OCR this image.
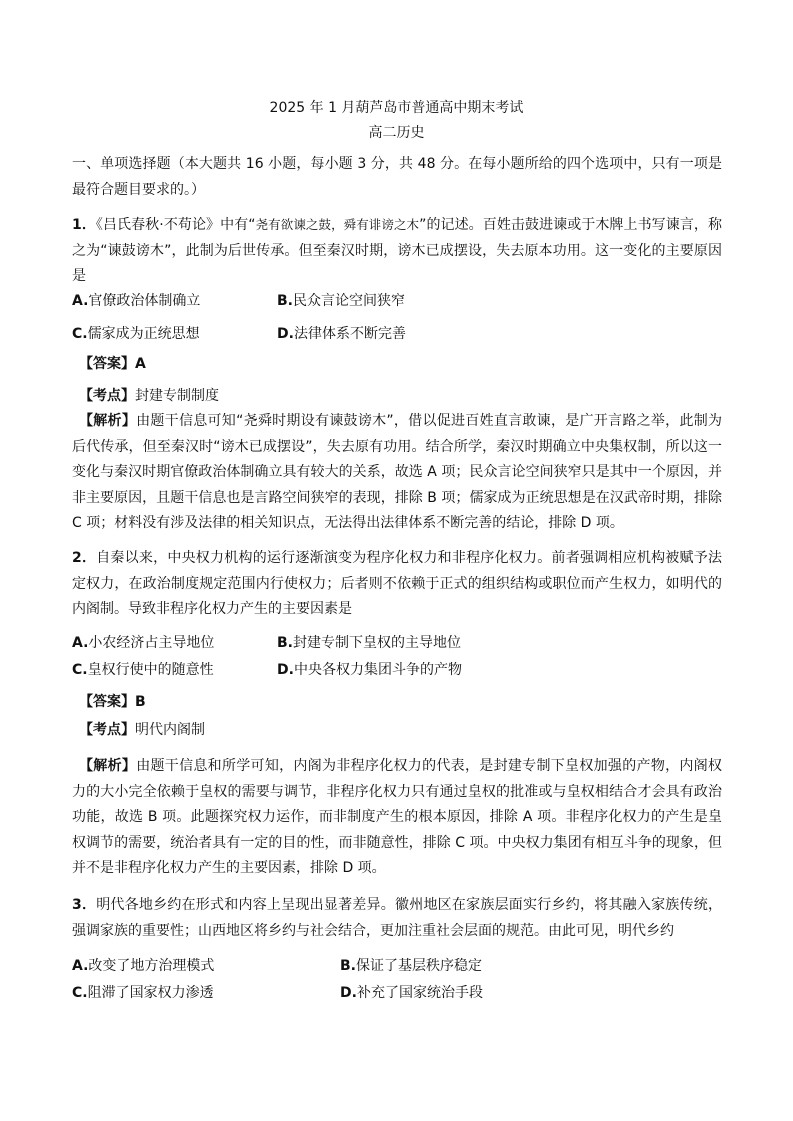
2025 年 1 月葫芦岛市普通高中期末考试
高二历史
一、单项选择题（本大题共 16 小题，每小题 3 分，共 48 分。在每小题所给的四个选项中，只有一项是最符合题目要求的。）
1．《吕氏春秋·不苟论》中有“尧有欲谏之鼓，舜有诽谤之木”的记述。百姓击鼓进谏或于木牌上书写谏言，称之为“谏鼓谤木”，此制为后世传承。但至秦汉时期，谤木已成摆设，失去原本功用。这一变化的主要原因是
A.官僚政治体制确立	B.民众言论空间狭窄
C.儒家成为正统思想	D.法律体系不断完善
【答案】A
【考点】封建专制制度
【解析】由题干信息可知“尧舜时期设有谏鼓谤木”，借以促进百姓直言敢谏，是广开言路之举，此制为后代传承，但至秦汉时“谤木已成摆设”，失去原有功用。结合所学，秦汉时期确立中央集权制，所以这一变化与秦汉时期官僚政治体制确立具有较大的关系，故选 A 项；民众言论空间狭窄只是其中一个原因，并非主要原因，且题干信息也是言路空间狭窄的表现，排除 B 项；儒家成为正统思想是在汉武帝时期，排除 C 项；材料没有涉及法律的相关知识点，无法得出法律体系不断完善的结论，排除 D 项。
2．自秦以来，中央权力机构的运行逐渐演变为程序化权力和非程序化权力。前者强调相应机构被赋予法定权力，在政治制度规定范围内行使权力；后者则不依赖于正式的组织结构或职位而产生权力，如明代的内阁制。导致非程序化权力产生的主要因素是
A.小农经济占主导地位	B.封建专制下皇权的主导地位
C.皇权行使中的随意性	D.中央各权力集团斗争的产物
【答案】B
【考点】明代内阁制
【解析】由题干信息和所学可知，内阁为非程序化权力的代表，是封建专制下皇权加强的产物，内阁权力的大小完全依赖于皇权的需要与调节，非程序化权力只有通过皇权的批准或与皇权相结合才会具有政治功能，故选 B 项。此题探究权力运作，而非制度产生的根本原因，排除 A 项。非程序化权力的产生是皇权调节的需要，统治者具有一定的目的性，而非随意性，排除 C 项。中央权力集团有相互斗争的现象，但并不是非程序化权力产生的主要因素，排除 D 项。
3．明代各地乡约在形式和内容上呈现出显著差异。徽州地区在家族层面实行乡约，将其融入家族传统，强调家族的重要性；山西地区将乡约与社会结合，更加注重社会层面的规范。由此可见，明代乡约
A.改变了地方治理模式	B.保证了基层秩序稳定
C.阻滞了国家权力渗透	D.补充了国家统治手段
